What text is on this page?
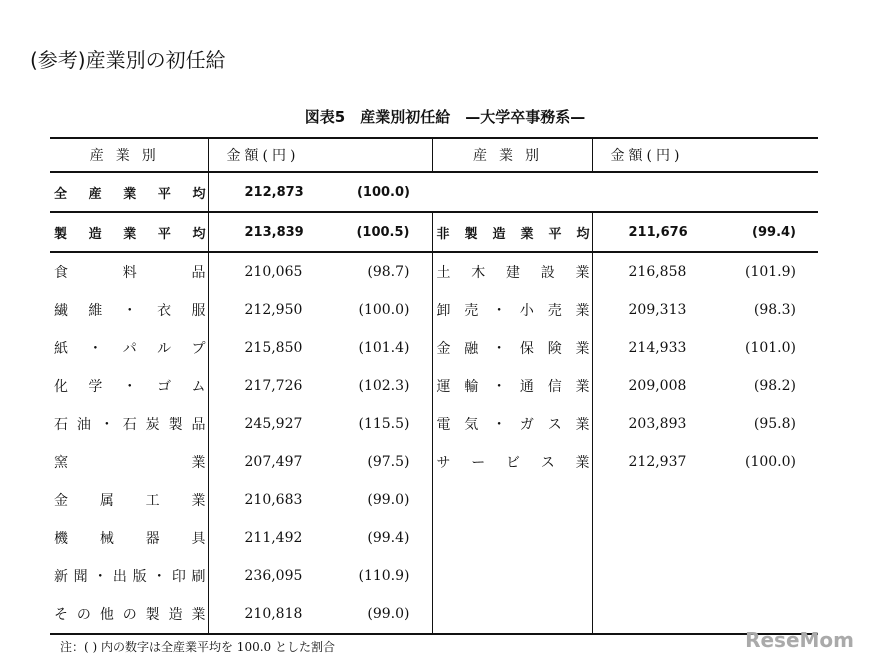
(参考)産業別の初任給
図表5　産業別初任給　—大学卒事務系—
産業別	金額(円)	産業別	金額(円)
全産業平均	212,873 (100.0)		

製造業平均	213,839 (100.5)	非製造業平均	211,676 (99.4)

食 料 品	210,065 (98.7)	土木建設業	216,858 (101.9)

繊維・衣服	212,950 (100.0)	卸売・小売業	209,313 (98.3)

紙・パルプ	215,850 (101.4)	金融・保険業	214,933 (101.0)

化学・ゴム	217,726 (102.3)	運輸・通信業	209,008 (98.2)

石油・石炭製品	245,927 (115.5)	電気・ガス業	203,893 (95.8)

窯業	207,497 (97.5)	サービス業	212,937 (100.0)

金属工業	210,683 (99.0)		

機械器具	211,492 (99.4)		

新聞・出版・印刷	236,095 (110.9)		

その他の製造業	210,818 (99.0)		

注：( ) 内の数字は全産業平均を 100.0 とした割合	ReseMom
